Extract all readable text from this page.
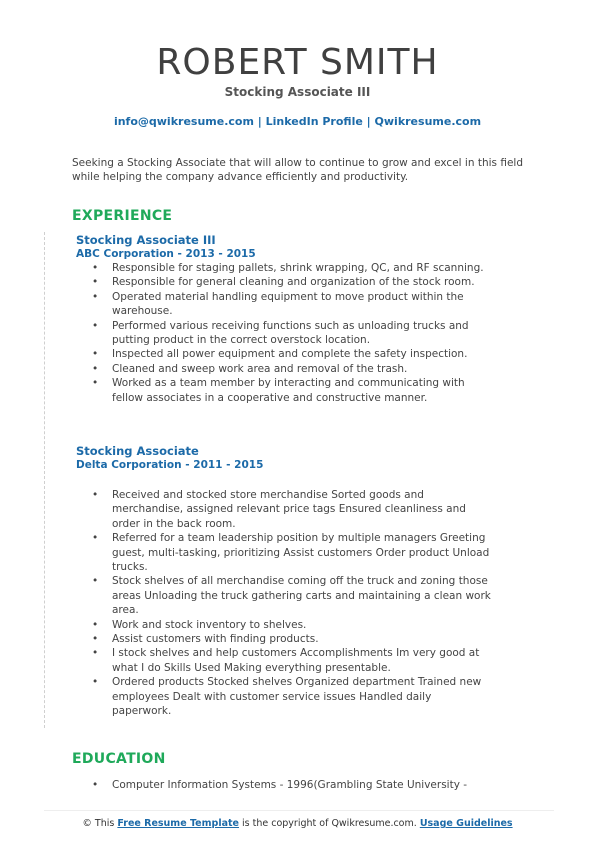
ROBERT SMITH
Stocking Associate III
info@qwikresume.com | LinkedIn Profile | Qwikresume.com
Seeking a Stocking Associate that will allow to continue to grow and excel in this field while helping the company advance efficiently and productivity.
EXPERIENCE
Stocking Associate III
ABC Corporation - 2013 - 2015
• Responsible for staging pallets, shrink wrapping, QC, and RF scanning.
• Responsible for general cleaning and organization of the stock room.
• Operated material handling equipment to move product within the warehouse.
• Performed various receiving functions such as unloading trucks and putting product in the correct overstock location.
• Inspected all power equipment and complete the safety inspection.
• Cleaned and sweep work area and removal of the trash.
• Worked as a team member by interacting and communicating with fellow associates in a cooperative and constructive manner.
Stocking Associate
Delta Corporation - 2011 - 2015
• Received and stocked store merchandise Sorted goods and merchandise, assigned relevant price tags Ensured cleanliness and order in the back room.
• Referred for a team leadership position by multiple managers Greeting guest, multi-tasking, prioritizing Assist customers Order product Unload trucks.
• Stock shelves of all merchandise coming off the truck and zoning those areas Unloading the truck gathering carts and maintaining a clean work area.
• Work and stock inventory to shelves.
• Assist customers with finding products.
• I stock shelves and help customers Accomplishments Im very good at what I do Skills Used Making everything presentable.
• Ordered products Stocked shelves Organized department Trained new employees Dealt with customer service issues Handled daily paperwork.
EDUCATION
• Computer Information Systems - 1996(Grambling State University -
© This Free Resume Template is the copyright of Qwikresume.com. Usage Guidelines
